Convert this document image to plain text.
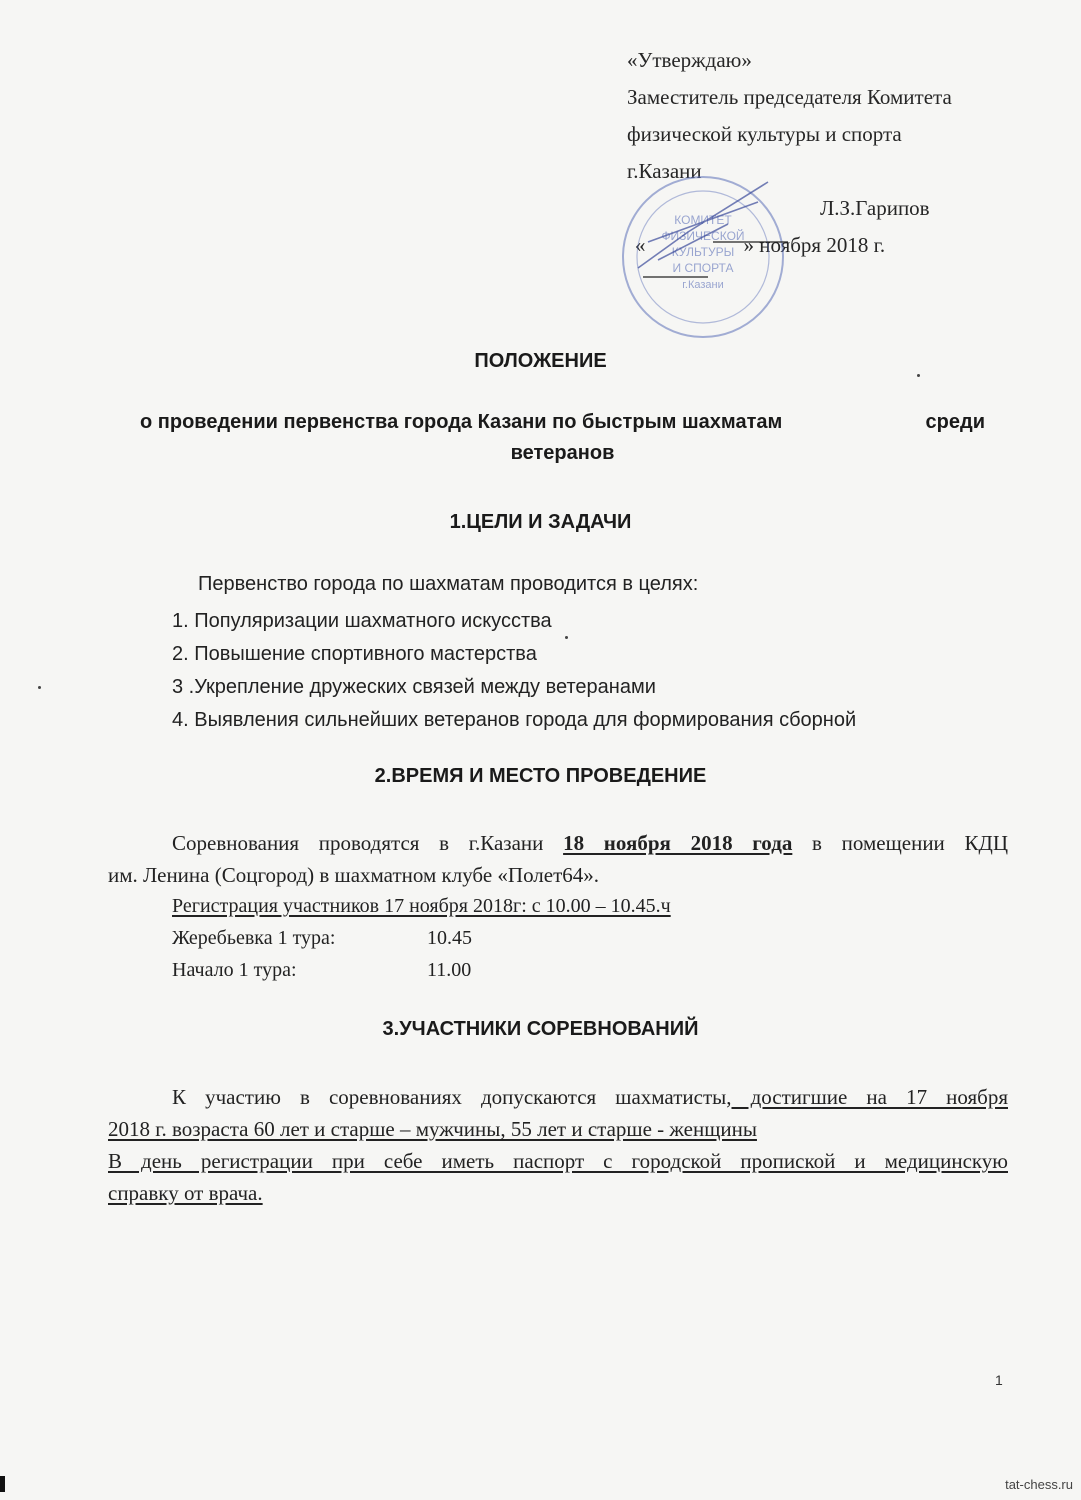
«Утверждаю»
Заместитель председателя Комитета
физической культуры и спорта
г.Казани
Л.З.Гарипов
«	» ноября 2018 г.
КОМИТЕТ
ФИЗИЧЕСКОЙ
КУЛЬТУРЫ
И СПОРТА
г.Казани
ПОЛОЖЕНИЕ
о проведении первенства города Казани по быстрым шахматам	среди
ветеранов
1.ЦЕЛИ И ЗАДАЧИ
Первенство города по шахматам проводится в целях:
1. Популяризации шахматного искусства
2. Повышение спортивного мастерства
3 .Укрепление дружеских связей между ветеранами
4. Выявления сильнейших ветеранов города для формирования сборной
2.ВРЕМЯ И МЕСТО ПРОВЕДЕНИЕ
Соревнования проводятся в г.Казани 18 ноября 2018 года в помещении КДЦ
им. Ленина (Соцгород) в шахматном клубе «Полет64».
Регистрация участников 17 ноября 2018г: с 10.00 – 10.45.ч
Жеребьевка 1 тура:	10.45
Начало 1 тура:	11.00
3.УЧАСТНИКИ СОРЕВНОВАНИЙ
К участию в соревнованиях допускаются шахматисты, достигшие на 17 ноября
2018 г. возраста 60 лет и старше – мужчины, 55 лет и старше - женщины
В день регистрации при себе иметь паспорт с городской пропиской и медицинскую
справку от врача.
1
tat-chess.ru
